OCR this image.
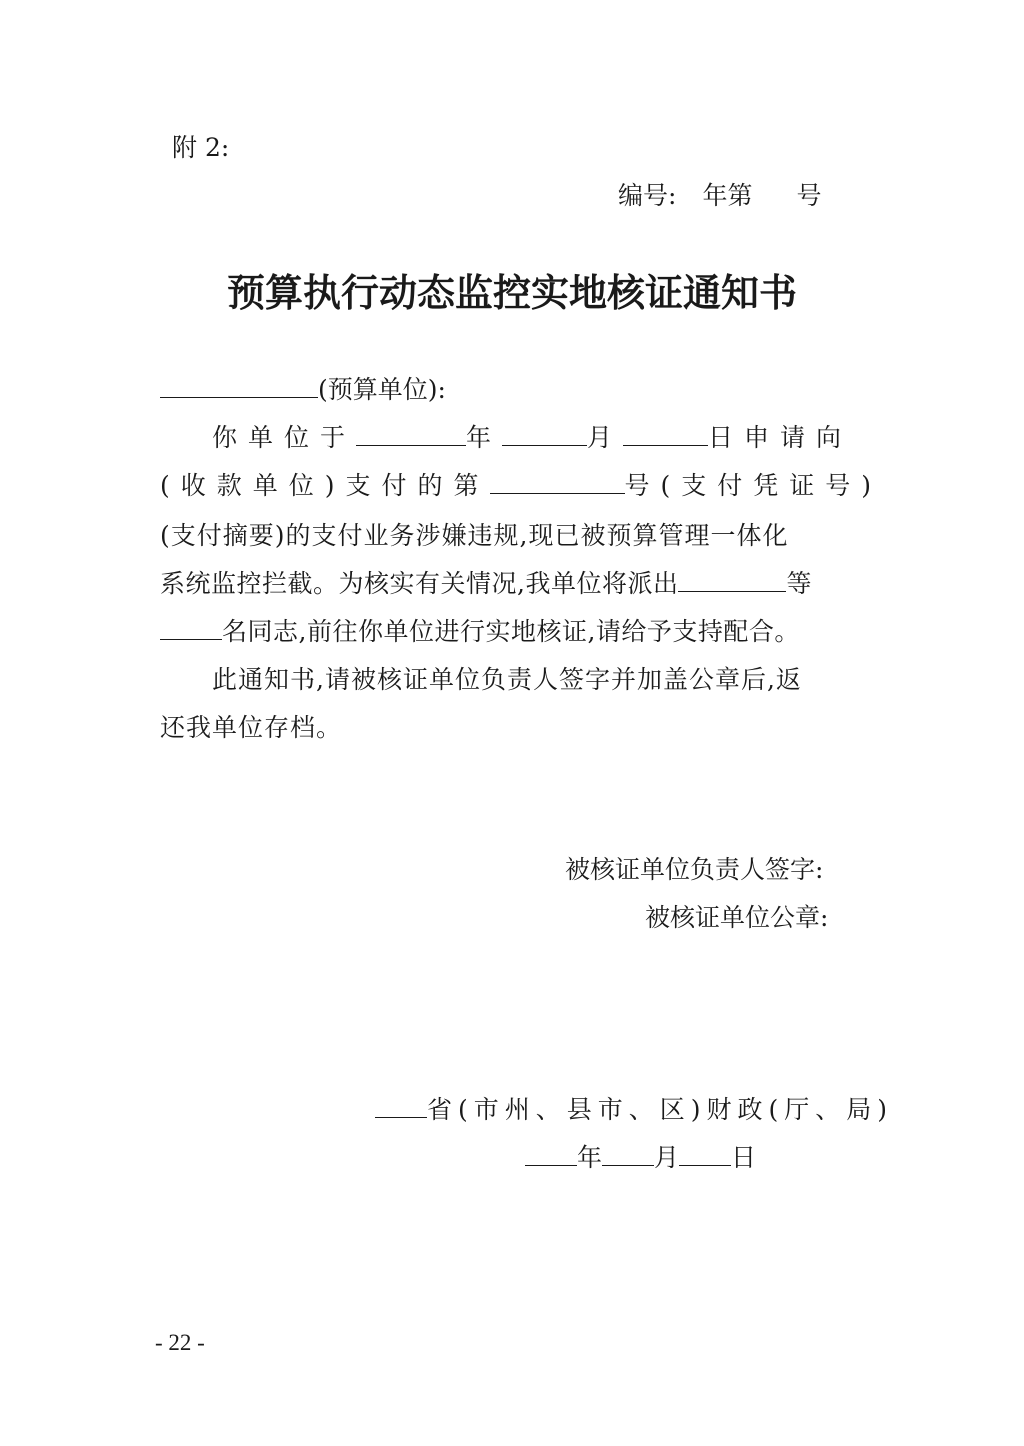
附 2:
编号: 年第 号
预算执行动态监控实地核证通知书
(预算单位):
你单位于	年	月	日申请向
(收款单位)支付的第	号(支付凭证号)
(支付摘要)的支付业务涉嫌违规,现已被预算管理一体化
系统监控拦截。为核实有关情况,我单位将派出	等
名同志,前往你单位进行实地核证,请给予支持配合。
此通知书,请被核证单位负责人签字并加盖公章后,返
还我单位存档。
被核证单位负责人签字:
被核证单位公章:
省(市州、县市、区)财政(厅、局)
年 月 日
- 22 -
